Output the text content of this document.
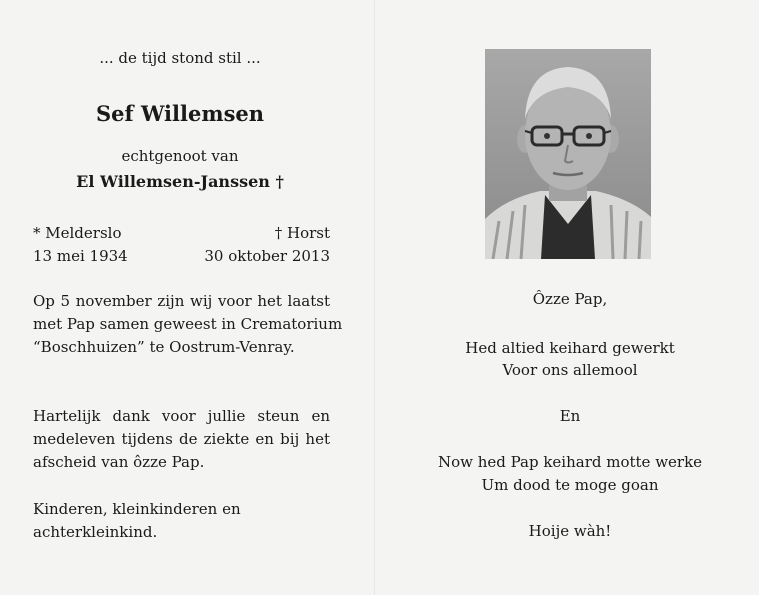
... de tijd stond stil ...
Sef Willemsen
echtgenoot van
El Willemsen-Janssen †
* Melderslo
13 mei 1934
† Horst
30 oktober 2013
Op 5 november zijn wij voor het laatst
met Pap samen geweest in Crematorium
“Boschhuizen” te Oostrum-Venray.
Hartelijk dank voor jullie steun en
medeleven tijdens de ziekte en bij het
afscheid van ôzze Pap.
Kinderen, kleinkinderen en
achterkleinkind.
Ôzze Pap,
Hed altied keihard gewerkt
Voor ons allemool
En
Now hed Pap keihard motte werke
Um dood te moge goan
Hoije wàh!
